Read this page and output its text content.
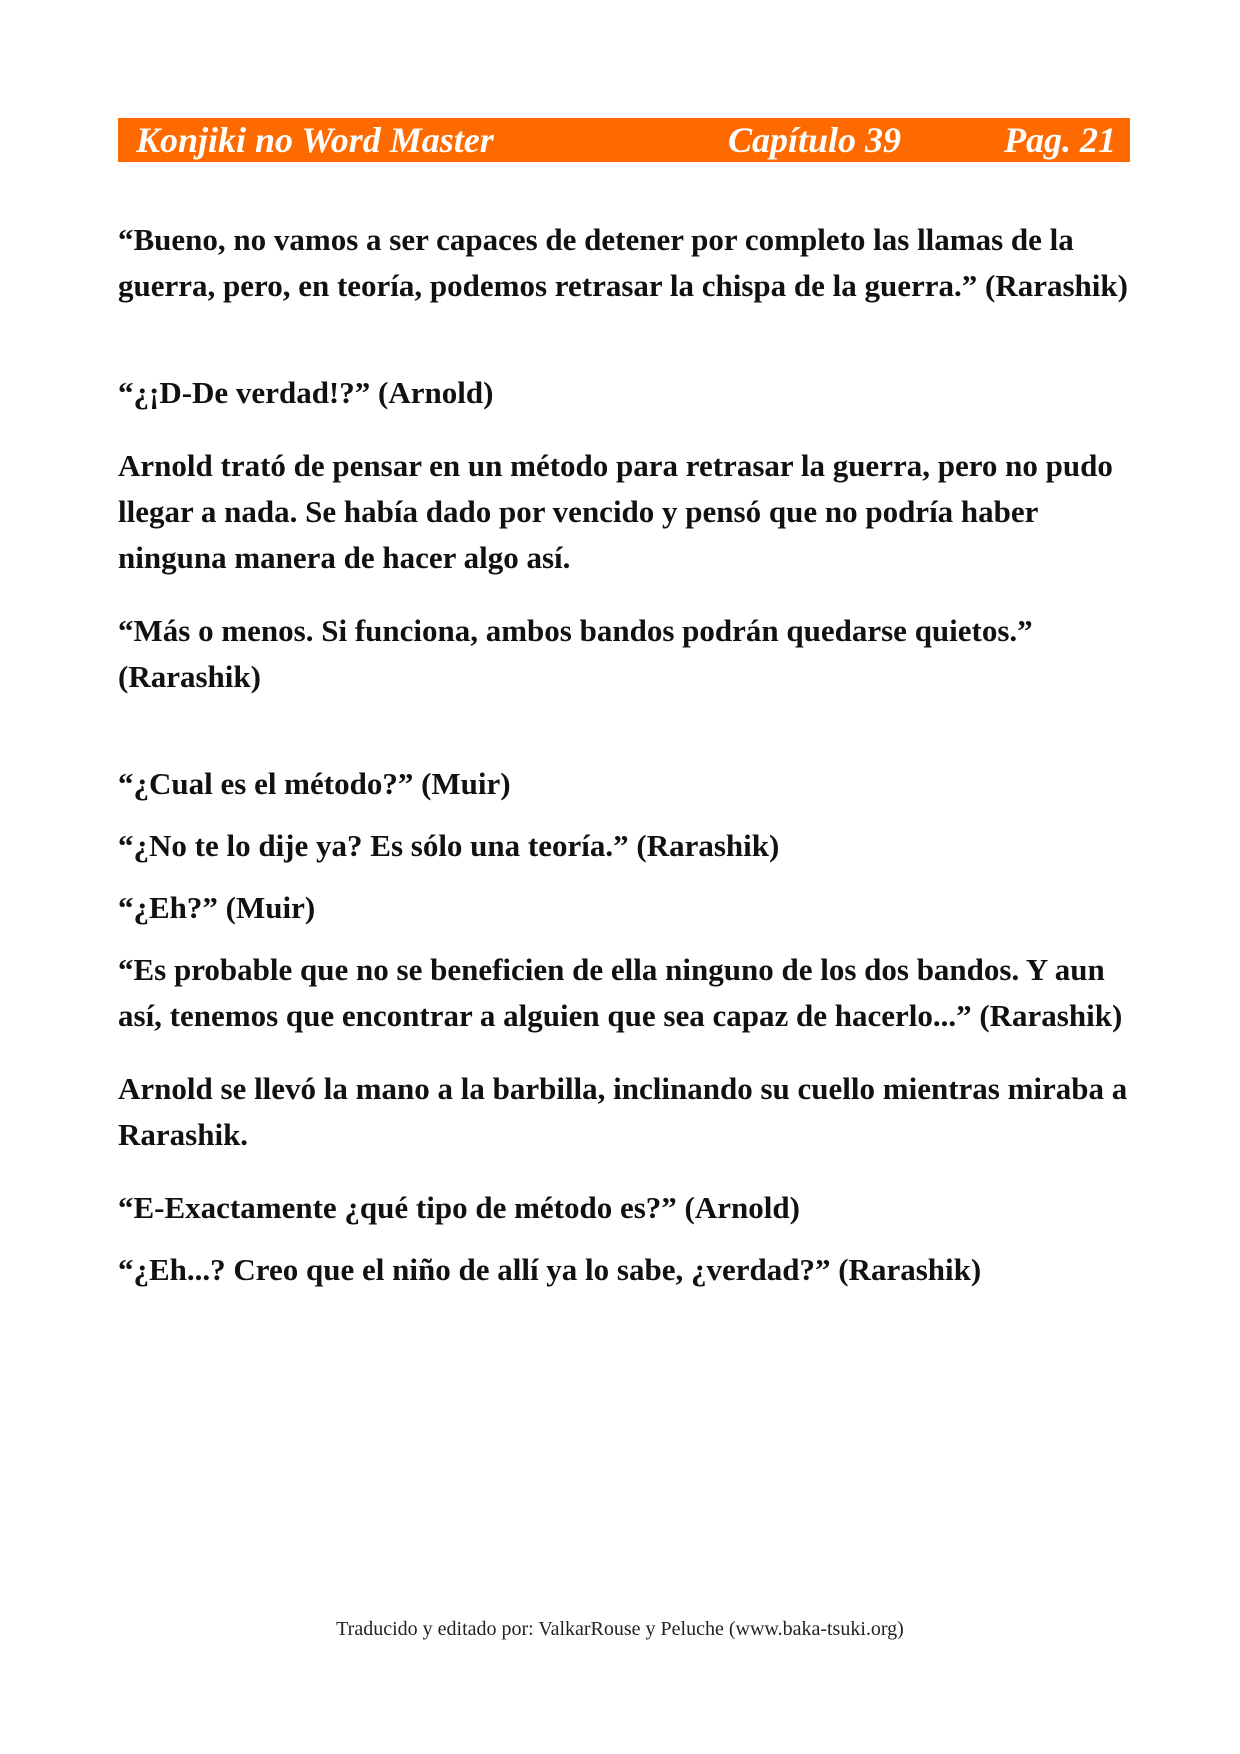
Konjiki no Word Master	Capítulo 39	Pag. 21

“Bueno, no vamos a ser capaces de detener por completo las llamas de la guerra, pero, en teoría, podemos retrasar la chispa de la guerra.” (Rarashik)

“¿¡D-De verdad!?” (Arnold)

Arnold trató de pensar en un método para retrasar la guerra, pero no pudo llegar a nada. Se había dado por vencido y pensó que no podría haber ninguna manera de hacer algo así.

“Más o menos. Si funciona, ambos bandos podrán quedarse quietos.” (Rarashik)

“¿Cual es el método?” (Muir)

“¿No te lo dije ya? Es sólo una teoría.” (Rarashik)

“¿Eh?” (Muir)

“Es probable que no se beneficien de ella ninguno de los dos bandos. Y aun así, tenemos que encontrar a alguien que sea capaz de hacerlo...” (Rarashik)

Arnold se llevó la mano a la barbilla, inclinando su cuello mientras miraba a Rarashik.

“E-Exactamente ¿qué tipo de método es?” (Arnold)

“¿Eh...? Creo que el niño de allí ya lo sabe, ¿verdad?” (Rarashik)

Traducido y editado por: ValkarRouse y Peluche (www.baka-tsuki.org)
